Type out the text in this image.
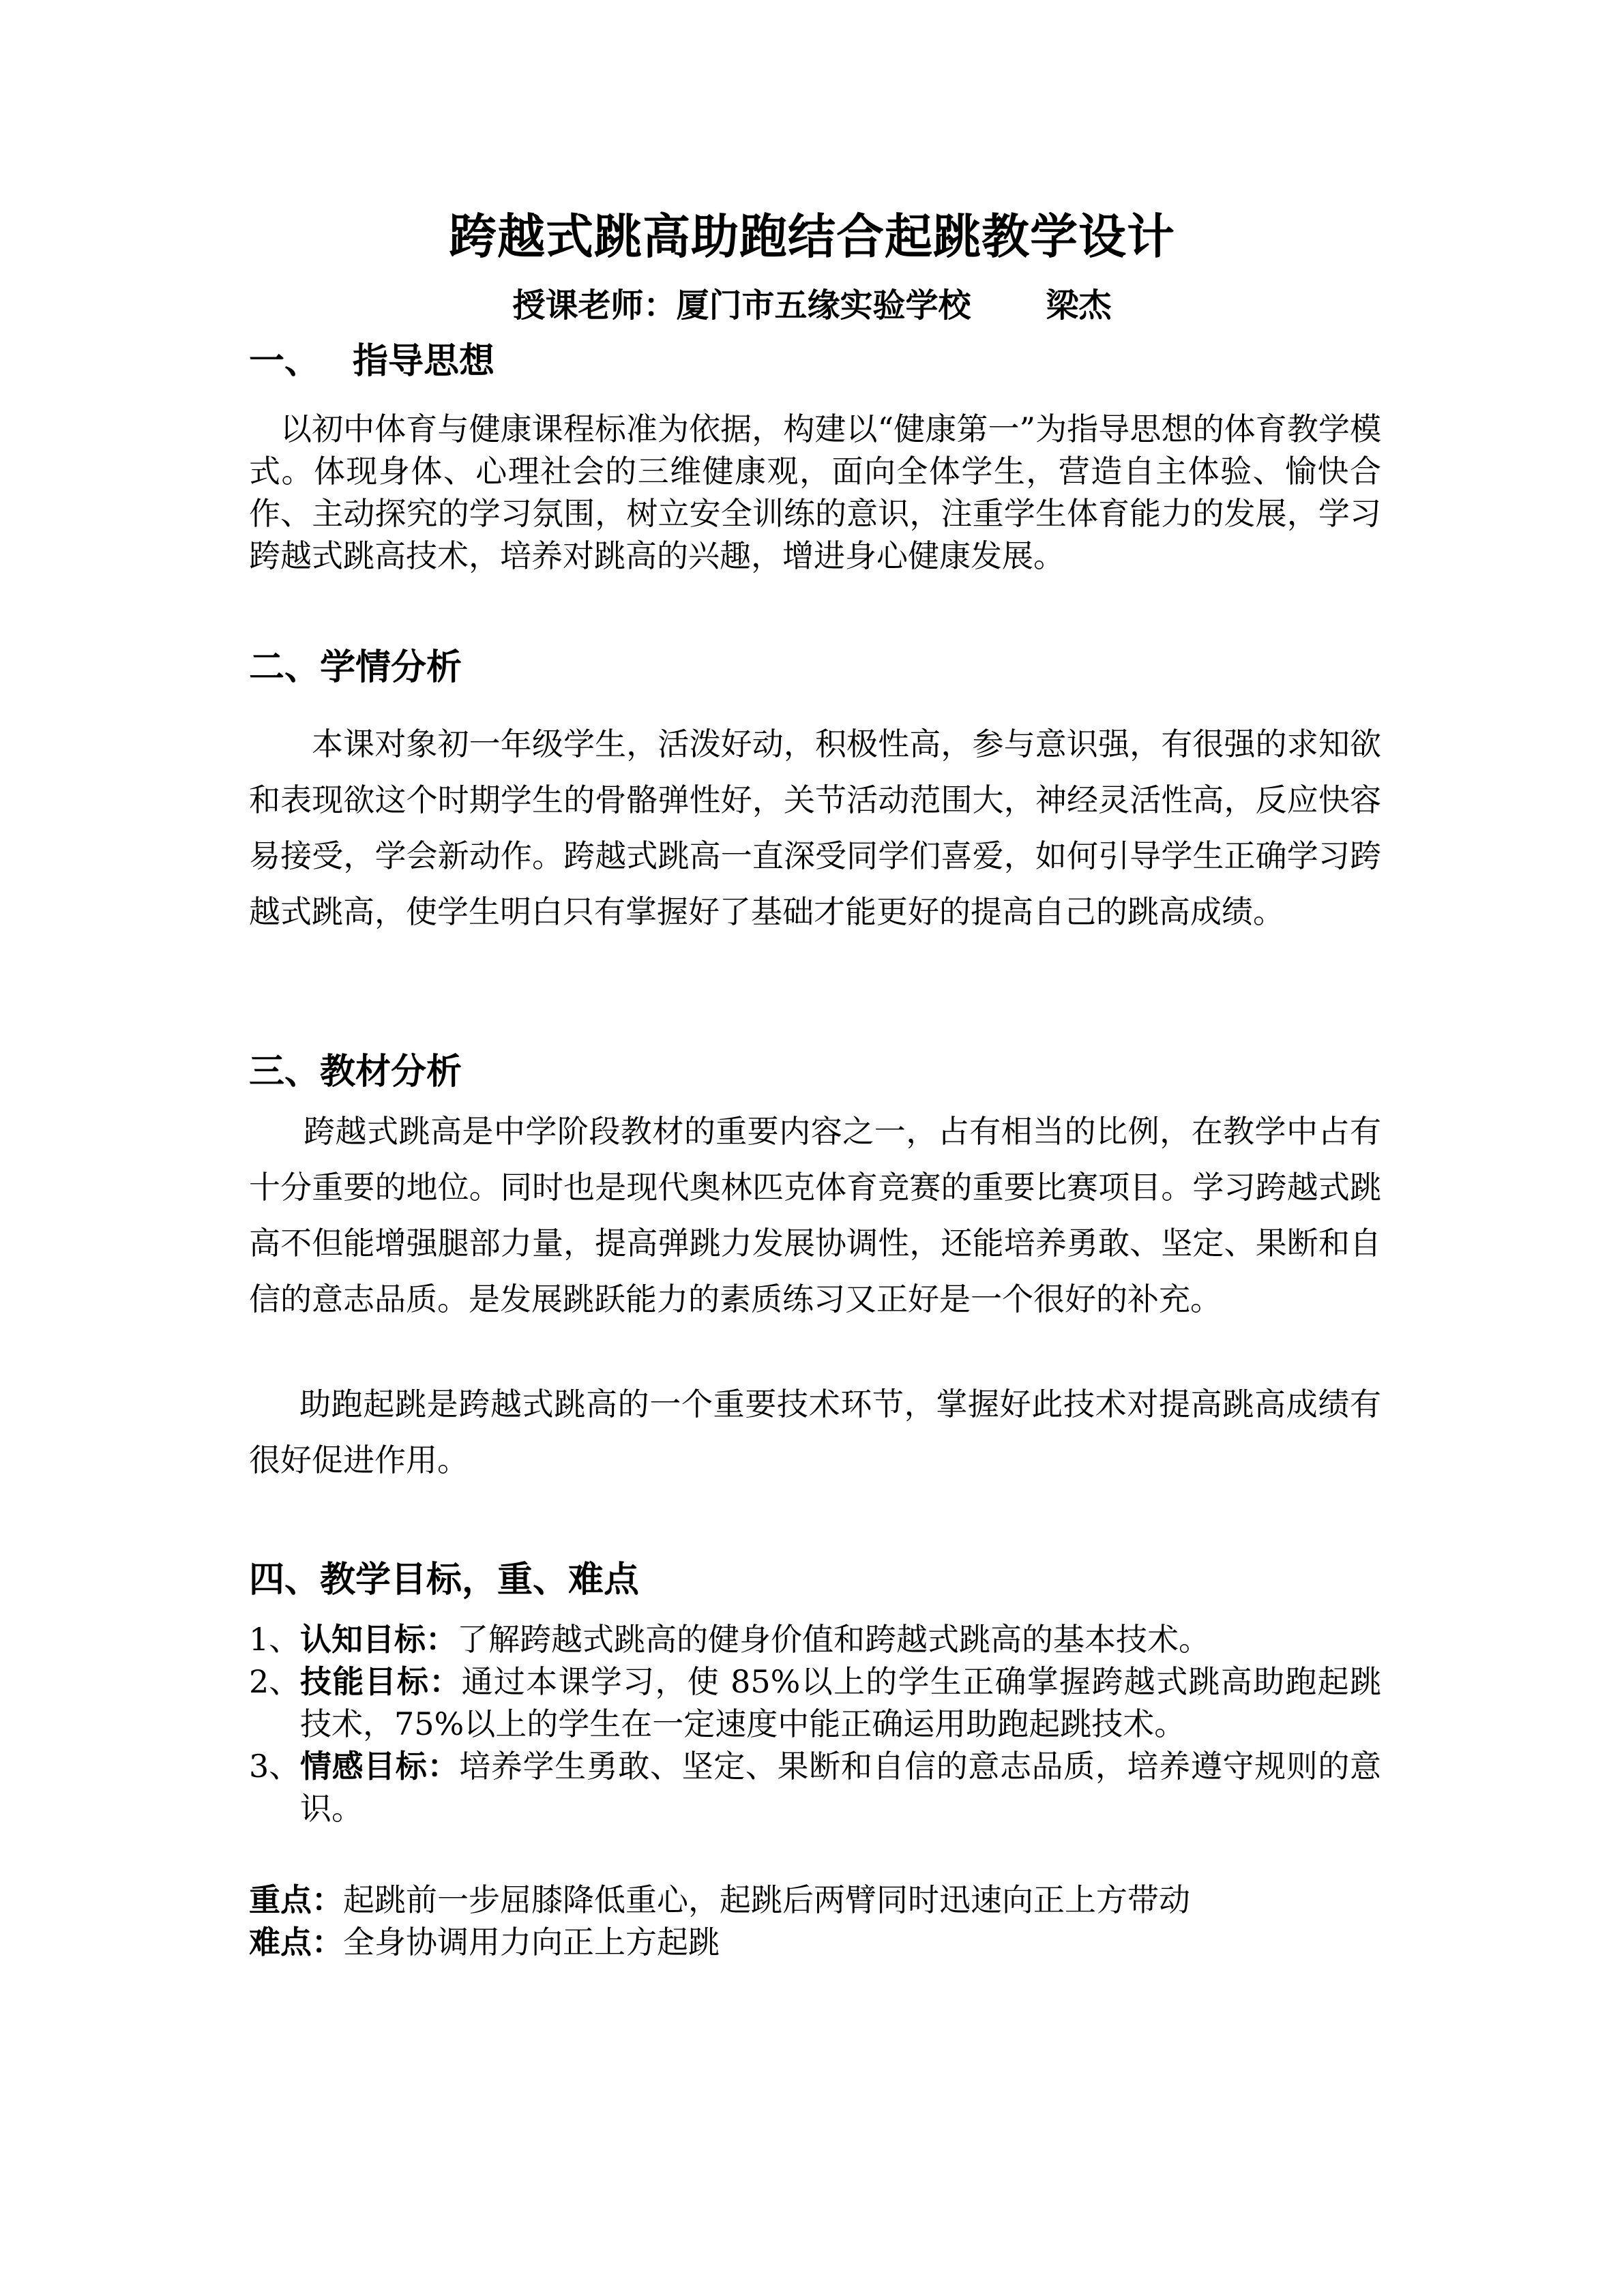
跨越式跳高助跑结合起跳教学设计
授课老师：厦门市五缘实验学校 梁杰
一、 指导思想

以初中体育与健康课程标准为依据，构建以“健康第一”为指导思想的体育教学模式。体现身体、心理社会的三维健康观，面向全体学生，营造自主体验、愉快合作、主动探究的学习氛围，树立安全训练的意识，注重学生体育能力的发展，学习跨越式跳高技术，培养对跳高的兴趣，增进身心健康发展。

二、学情分析

本课对象初一年级学生，活泼好动，积极性高，参与意识强，有很强的求知欲和表现欲这个时期学生的骨骼弹性好，关节活动范围大，神经灵活性高，反应快容易接受，学会新动作。跨越式跳高一直深受同学们喜爱，如何引导学生正确学习跨越式跳高，使学生明白只有掌握好了基础才能更好的提高自己的跳高成绩。

三、教材分析

跨越式跳高是中学阶段教材的重要内容之一，占有相当的比例，在教学中占有十分重要的地位。同时也是现代奥林匹克体育竞赛的重要比赛项目。学习跨越式跳高不但能增强腿部力量，提高弹跳力发展协调性，还能培养勇敢、坚定、果断和自信的意志品质。是发展跳跃能力的素质练习又正好是一个很好的补充。

助跑起跳是跨越式跳高的一个重要技术环节，掌握好此技术对提高跳高成绩有很好促进作用。

四、教学目标，重、难点
1、 认知目标：了解跨越式跳高的健身价值和跨越式跳高的基本技术。
2、 技能目标：通过本课学习，使 85%以上的学生正确掌握跨越式跳高助跑起跳技术，75%以上的学生在一定速度中能正确运用助跑起跳技术。
3、 情感目标：培养学生勇敢、坚定、果断和自信的意志品质，培养遵守规则的意识。
重点：起跳前一步屈膝降低重心，起跳后两臂同时迅速向正上方带动
难点：全身协调用力向正上方起跳
